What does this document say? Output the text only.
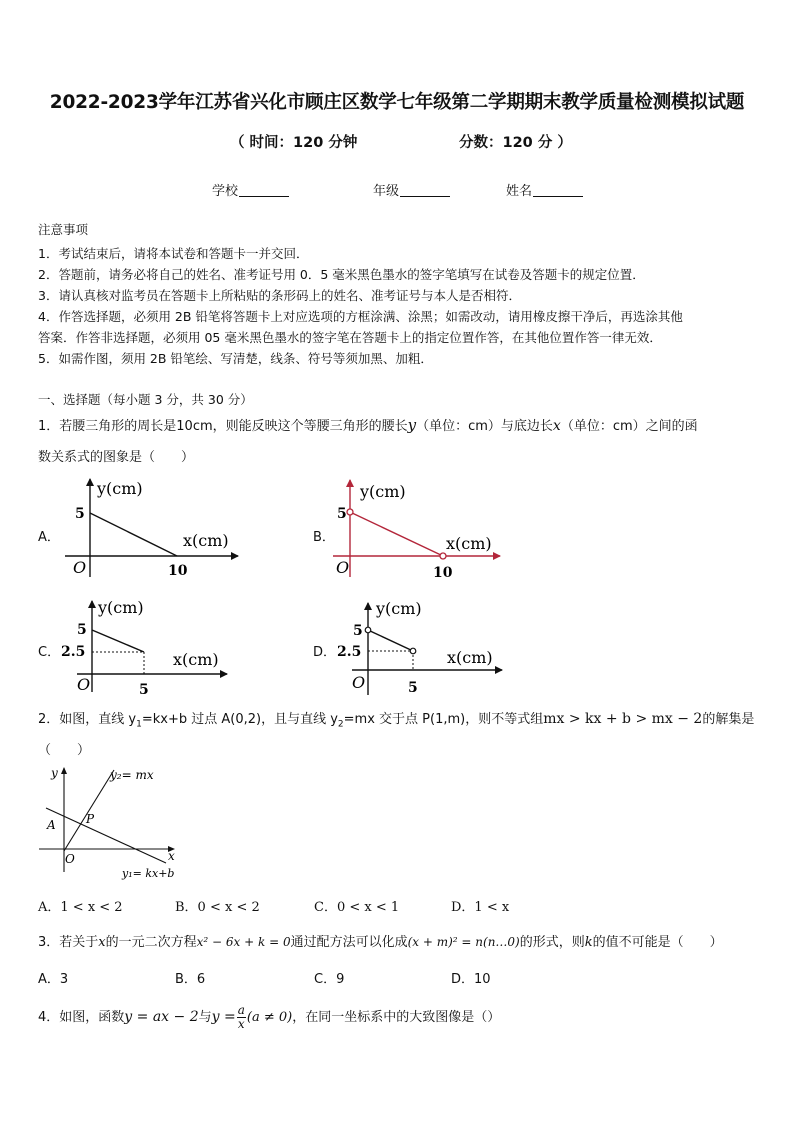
2022-2023学年江苏省兴化市顾庄区数学七年级第二学期期末教学质量检测模拟试题
（ 时间：120 分钟	分数：120 分 ）
学校	年级	姓名
注意事项
1．考试结束后，请将本试卷和答题卡一并交回．
2．答题前，请务必将自己的姓名、准考证号用 0．5 毫米黑色墨水的签字笔填写在试卷及答题卡的规定位置．
3．请认真核对监考员在答题卡上所粘贴的条形码上的姓名、准考证号与本人是否相符．
4．作答选择题，必须用 2B 铅笔将答题卡上对应选项的方框涂满、涂黑；如需改动，请用橡皮擦干净后，再选涂其他
答案．作答非选择题，必须用 05 毫米黑色墨水的签字笔在答题卡上的指定位置作答，在其他位置作答一律无效．
5．如需作图，须用 2B 铅笔绘、写清楚，线条、符号等须加黑、加粗．
一、选择题（每小题 3 分，共 30 分）
1．若腰三角形的周长是10cm，则能反映这个等腰三角形的腰长y（单位：cm）与底边长x（单位：cm）之间的函
数关系式的图象是（　　）
A．
y(cm)
x(cm)
5
O	10
B．
y(cm)
x(cm)
5
O	10
C．
y(cm)
x(cm)
5
2.5
O	5
D．
y(cm)
x(cm)
5
2.5
O	5
2．如图，直线 $y_1=kx+b$ 过点 A(0,2)，且与直线 $y_2=mx$ 交于点 P(1,m)，则不等式组mx > kx + b > mx − 2的解集是
（　　）
y
x
O
A	P
y₂= mx
y₁= kx+b
A．1 < x < 2	B．0 < x < 2	C．0 < x < 1	D．1 < x
3．若关于x的一元二次方程x² − 6x + k = 0通过配方法可以化成(x + m)² = n(n…0)的形式，则k的值不可能是（　　）
A．3	B．6	C．9	D．10
4．如图，函数y = ax − 2与$y = \frac{a}{x} (a \ne 0)$，在同一坐标系中的大致图像是（）
